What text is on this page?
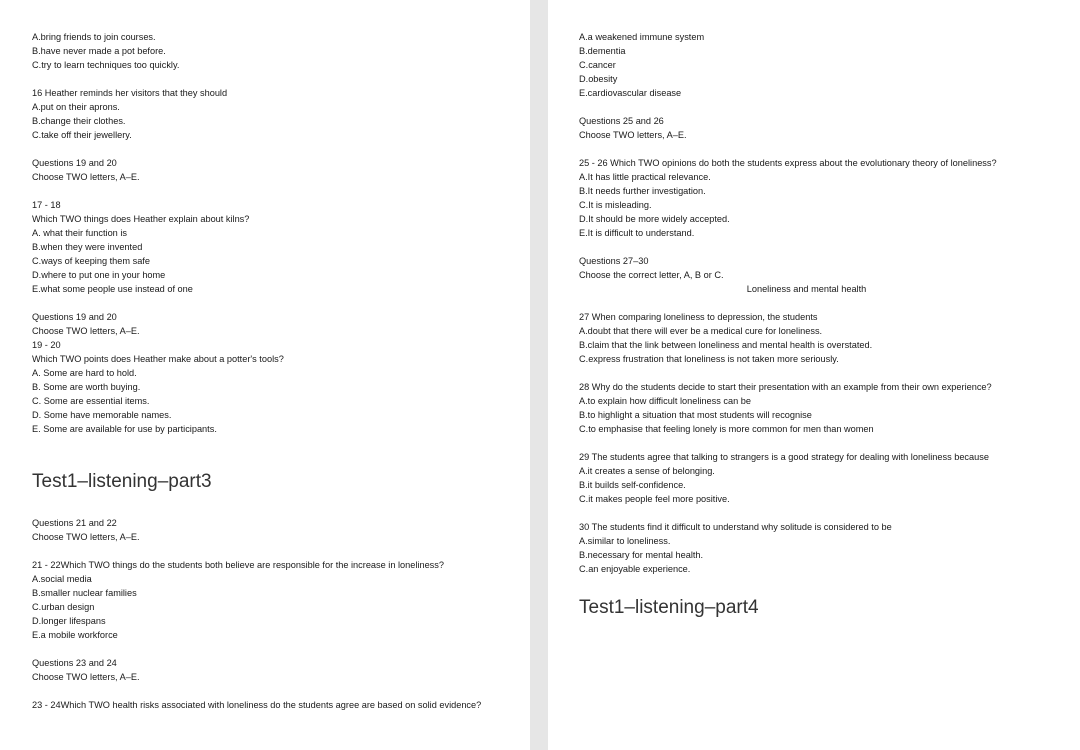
A.bring friends to join courses.
B.have never made a pot before.
C.try to learn techniques too quickly.
16 Heather reminds her visitors that they should
A.put on their aprons.
B.change their clothes.
C.take off their jewellery.
Questions 19 and 20
Choose TWO letters, A–E.
17 - 18
Which TWO things does Heather explain about kilns?
A. what their function is
B.when they were invented
C.ways of keeping them safe
D.where to put one in your home
E.what some people use instead of one
Questions 19 and 20
Choose TWO letters, A–E.
19 - 20
Which TWO points does Heather make about a potter's tools?
A. Some are hard to hold.
B. Some are worth buying.
C. Some are essential items.
D. Some have memorable names.
E. Some are available for use by participants.
Test1–listening–part3
Questions 21 and 22
Choose TWO letters, A–E.
21 - 22Which TWO things do the students both believe are responsible for the increase in loneliness?
A.social media
B.smaller nuclear families
C.urban design
D.longer lifespans
E.a mobile workforce
Questions 23 and 24
Choose TWO letters, A–E.
23 - 24Which TWO health risks associated with loneliness do the students agree are based on solid evidence?
A.a weakened immune system
B.dementia
C.cancer
D.obesity
E.cardiovascular disease
Questions 25 and 26
Choose TWO letters, A–E.
25 - 26 Which TWO opinions do both the students express about the evolutionary theory of loneliness?
A.It has little practical relevance.
B.It needs further investigation.
C.It is misleading.
D.It should be more widely accepted.
E.It is difficult to understand.
Questions 27–30
Choose the correct letter, A, B or C.
Loneliness and mental health
27 When comparing loneliness to depression, the students
A.doubt that there will ever be a medical cure for loneliness.
B.claim that the link between loneliness and mental health is overstated.
C.express frustration that loneliness is not taken more seriously.
28 Why do the students decide to start their presentation with an example from their own experience?
A.to explain how difficult loneliness can be
B.to highlight a situation that most students will recognise
C.to emphasise that feeling lonely is more common for men than women
29 The students agree that talking to strangers is a good strategy for dealing with loneliness because
A.it creates a sense of belonging.
B.it builds self-confidence.
C.it makes people feel more positive.
30 The students find it difficult to understand why solitude is considered to be
A.similar to loneliness.
B.necessary for mental health.
C.an enjoyable experience.
Test1–listening–part4
